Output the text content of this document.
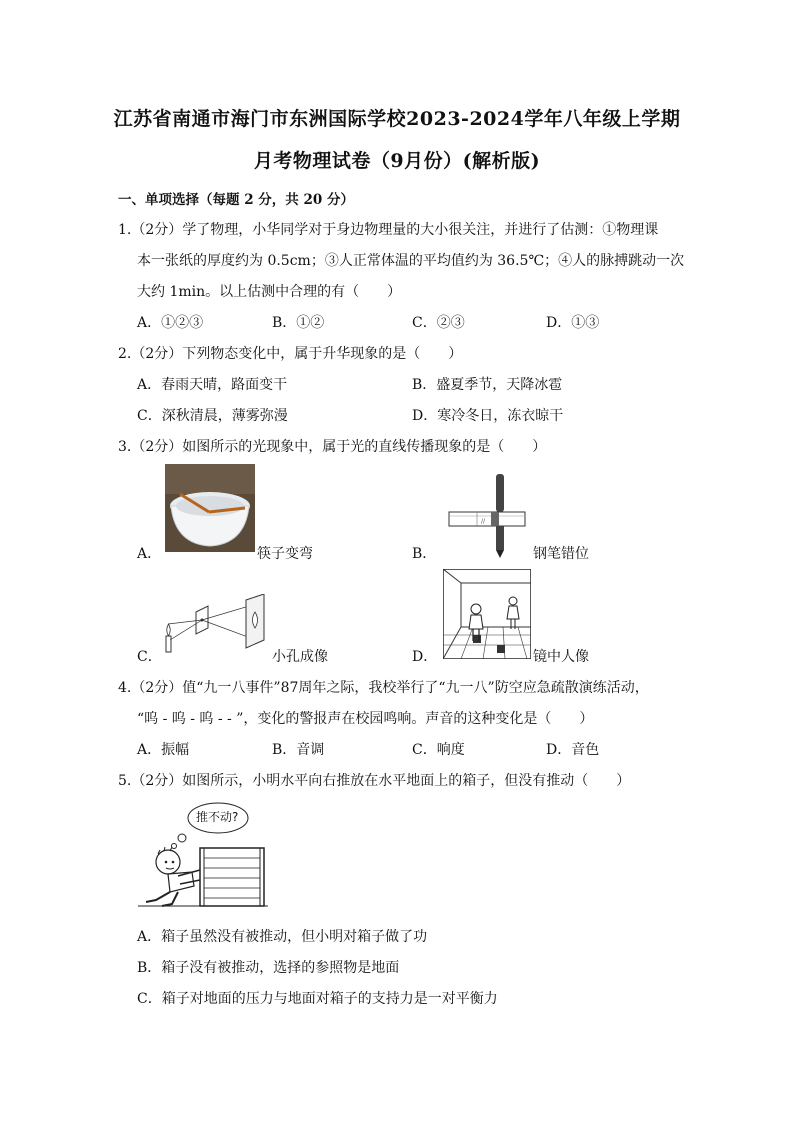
江苏省南通市海门市东洲国际学校2023-2024学年八年级上学期
月考物理试卷（9月份）(解析版)
一、单项选择（每题 2 分，共 20 分）
1.（2分）学了物理，小华同学对于身边物理量的大小很关注，并进行了估测：①物理课
本一张纸的厚度约为 0.5cm；③人正常体温的平均值约为 36.5℃；④人的脉搏跳动一次
大约 1min。以上估测中合理的有（　　）
A．①②③	B．①②	C．②③	D．①③
2.（2分）下列物态变化中，属于升华现象的是（　　）
A．春雨天晴，路面变干	B．盛夏季节，天降冰雹
C．深秋清晨，薄雾弥漫	D．寒冷冬日，冻衣晾干
3.（2分）如图所示的光现象中，属于光的直线传播现象的是（　　）
A．	筷子变弯	B．
//
钢笔错位
C．	小孔成像	D．	镜中人像
4.（2分）值“九一八事件”87周年之际，我校举行了“九一八”防空应急疏散演练活动，
“呜 - 呜 - 呜 - - ”，变化的警报声在校园鸣响。声音的这种变化是（　　）
A．振幅	B．音调	C．响度	D．音色
5.（2分）如图所示，小明水平向右推放在水平地面上的箱子，但没有推动（　　）
推不动?
A．箱子虽然没有被推动，但小明对箱子做了功
B．箱子没有被推动，选择的参照物是地面
C．箱子对地面的压力与地面对箱子的支持力是一对平衡力
